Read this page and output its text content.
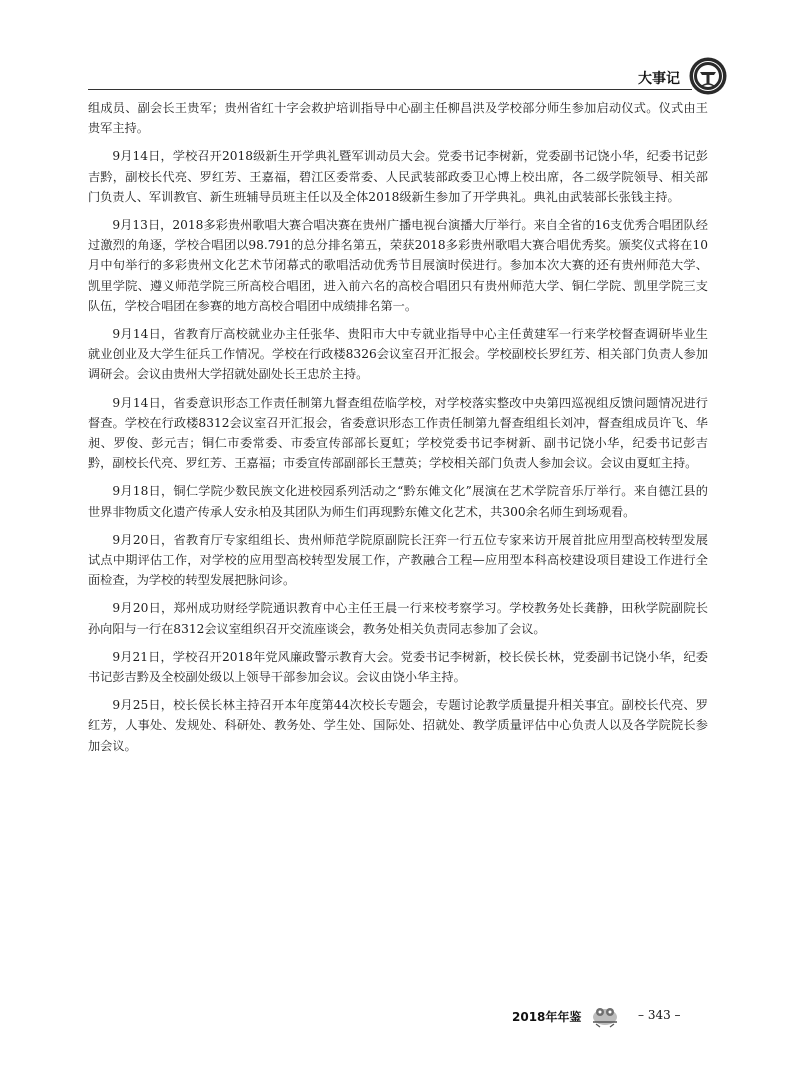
大事记

组成员、副会长王贵军；贵州省红十字会救护培训指导中心副主任柳昌洪及学校部分师生参加启动仪式。仪式由王贵军主持。

9月14日，学校召开2018级新生开学典礼暨军训动员大会。党委书记李树新，党委副书记饶小华，纪委书记彭吉黔，副校长代亮、罗红芳、王嘉福，碧江区委常委、人民武装部政委卫心博上校出席，各二级学院领导、相关部门负责人、军训教官、新生班辅导员班主任以及全体2018级新生参加了开学典礼。典礼由武装部长张钱主持。

9月13日，2018多彩贵州歌唱大赛合唱决赛在贵州广播电视台演播大厅举行。来自全省的16支优秀合唱团队经过激烈的角逐，学校合唱团以98.791的总分排名第五，荣获2018多彩贵州歌唱大赛合唱优秀奖。颁奖仪式将在10月中旬举行的多彩贵州文化艺术节闭幕式的歌唱活动优秀节目展演时侯进行。参加本次大赛的还有贵州师范大学、凯里学院、遵义师范学院三所高校合唱团，进入前六名的高校合唱团只有贵州师范大学、铜仁学院、凯里学院三支队伍，学校合唱团在参赛的地方高校合唱团中成绩排名第一。

9月14日，省教育厅高校就业办主任张华、贵阳市大中专就业指导中心主任黄建军一行来学校督查调研毕业生就业创业及大学生征兵工作情况。学校在行政楼8326会议室召开汇报会。学校副校长罗红芳、相关部门负责人参加调研会。会议由贵州大学招就处副处长王忠於主持。

9月14日，省委意识形态工作责任制第九督查组莅临学校，对学校落实整改中央第四巡视组反馈问题情况进行督查。学校在行政楼8312会议室召开汇报会，省委意识形态工作责任制第九督查组组长刘冲，督查组成员许飞、华昶、罗俊、彭元吉；铜仁市委常委、市委宣传部部长夏虹；学校党委书记李树新、副书记饶小华，纪委书记彭吉黔，副校长代亮、罗红芳、王嘉福；市委宣传部副部长王慧英；学校相关部门负责人参加会议。会议由夏虹主持。

9月18日，铜仁学院少数民族文化进校园系列活动之“黔东傩文化”展演在艺术学院音乐厅举行。来自德江县的世界非物质文化遗产传承人安永柏及其团队为师生们再现黔东傩文化艺术，共300余名师生到场观看。

9月20日，省教育厅专家组组长、贵州师范学院原副院长汪弈一行五位专家来访开展首批应用型高校转型发展试点中期评估工作，对学校的应用型高校转型发展工作，产教融合工程—应用型本科高校建设项目建设工作进行全面检查，为学校的转型发展把脉问诊。

9月20日，郑州成功财经学院通识教育中心主任王晨一行来校考察学习。学校教务处长龚静，田秋学院副院长孙向阳与一行在8312会议室组织召开交流座谈会，教务处相关负责同志参加了会议。

9月21日，学校召开2018年党风廉政警示教育大会。党委书记李树新，校长侯长林，党委副书记饶小华，纪委书记彭吉黔及全校副处级以上领导干部参加会议。会议由饶小华主持。

9月25日，校长侯长林主持召开本年度第44次校长专题会，专题讨论教学质量提升相关事宜。副校长代亮、罗红芳，人事处、发规处、科研处、教务处、学生处、国际处、招就处、教学质量评估中心负责人以及各学院院长参加会议。

2018年年鉴	– 343 –
